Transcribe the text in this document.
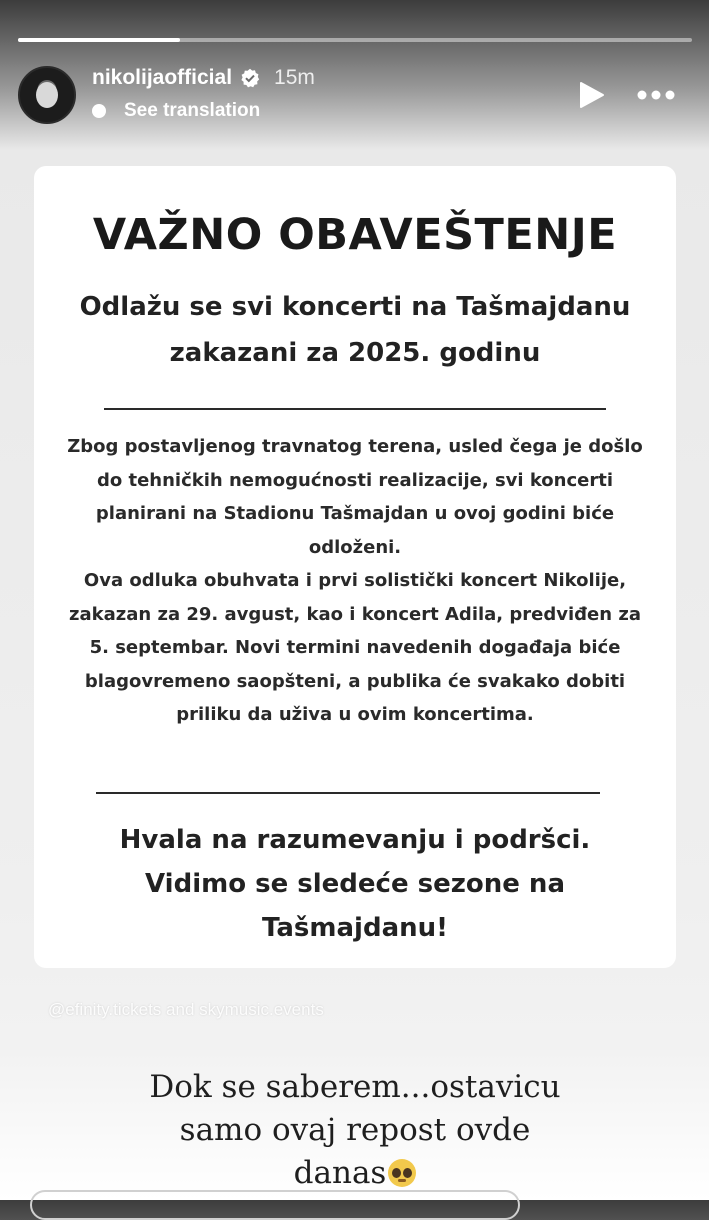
nikolijaofficial 15m
See translation
VAŽNO OBAVEŠTENJE
Odlažu se svi koncerti na Tašmajdanu
zakazani za 2025. godinu

Zbog postavljenog travnatog terena, usled čega je došlo do tehničkih nemogućnosti realizacije, svi koncerti planirani na Stadionu Tašmajdan u ovoj godini biće odloženi.

Ova odluka obuhvata i prvi solistički koncert Nikolije, zakazan za 29. avgust, kao i koncert Adila, predviđen za 5. septembar. Novi termini navedenih događaja biće blagovremeno saopšteni, a publika će svakako dobiti priliku da uživa u ovim koncertima.

Hvala na razumevanju i podršci.
Vidimo se sledeće sezone na
Tašmajdanu!
@efinity.tickets and skymusic.events
Dok se saberem...ostavicu
samo ovaj repost ovde
danas
